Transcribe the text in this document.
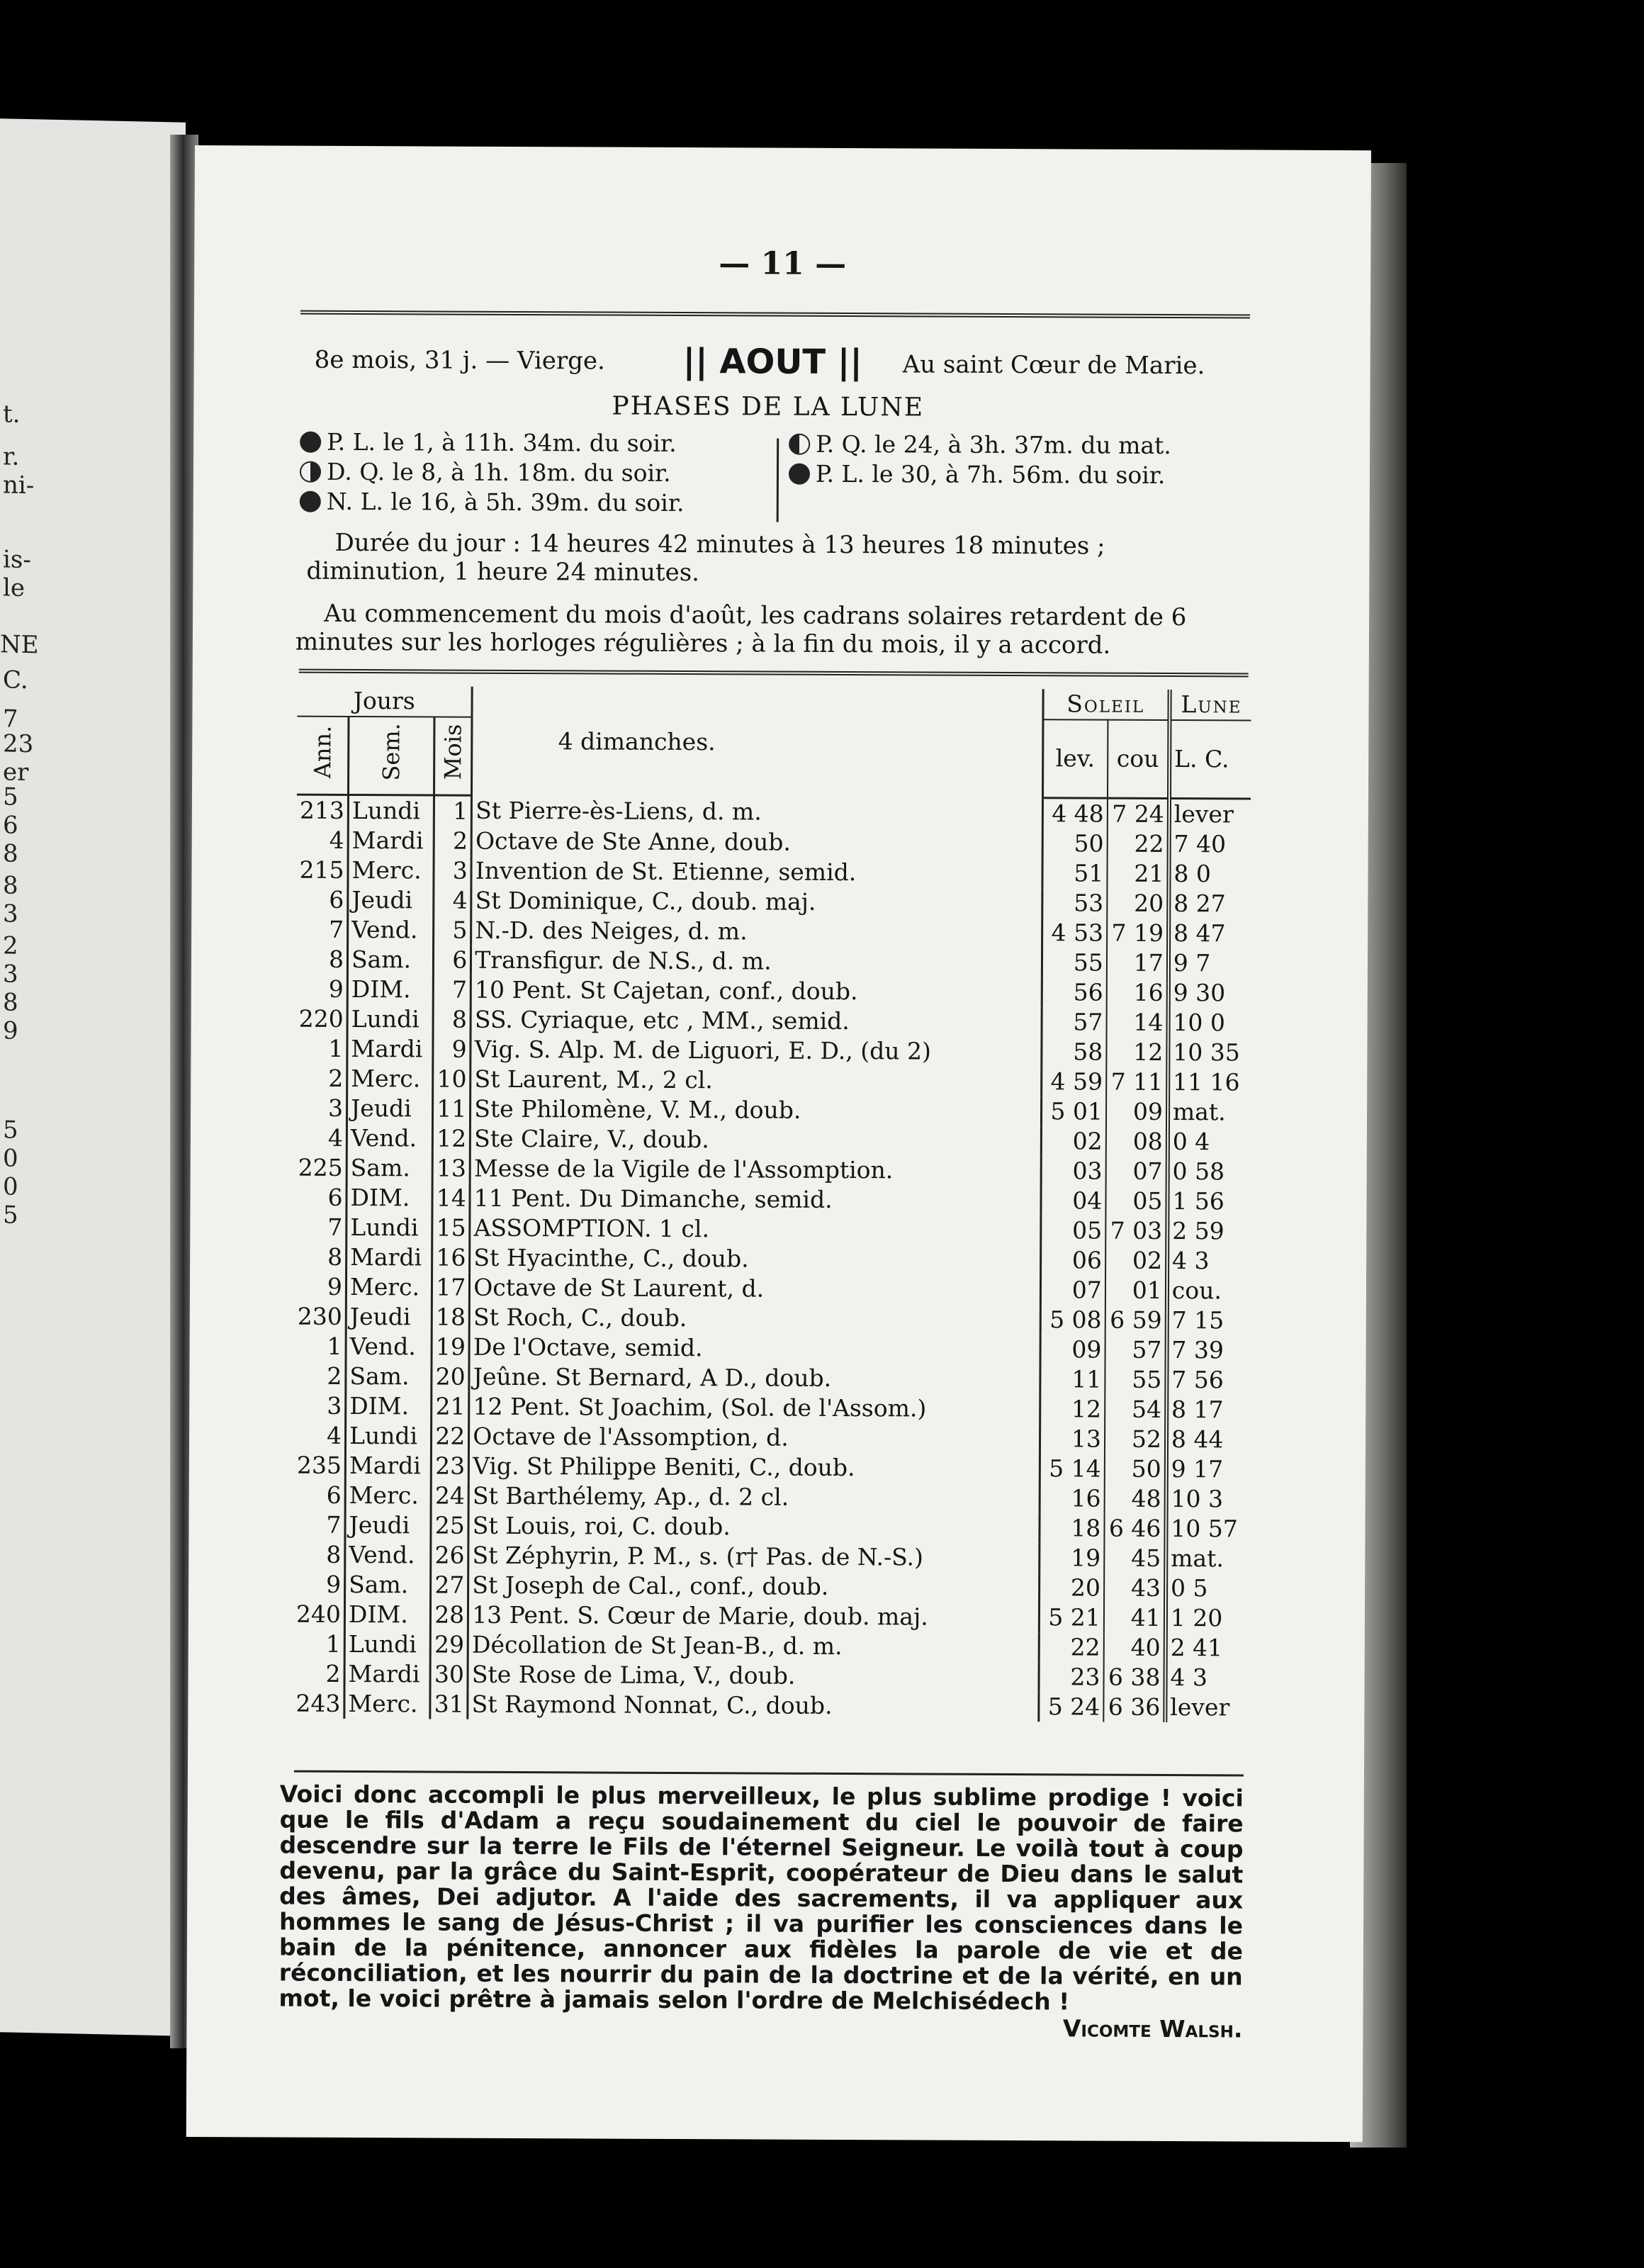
t.
r.
ni-
is-
le
NE
C.
7
23
er
5
6
8
8
3
2
3
8
9
5
0
0
5
— 11 —
8e mois, 31 j. — Vierge. || AOUT || Au saint Cœur de Marie.
PHASES DE LA LUNE
P. L. le 1, à 11h. 34m. du soir.
D. Q. le 8, à 1h. 18m. du soir.
N. L. le 16, à 5h. 39m. du soir.
P. Q. le 24, à 3h. 37m. du mat.
P. L. le 30, à 7h. 56m. du soir.
Durée du jour : 14 heures 42 minutes à 13 heures 18 minutes ; diminution, 1 heure 24 minutes.
Au commencement du mois d'août, les cadrans solaires retardent de 6 minutes sur les horloges régulières ; à la fin du mois, il y a accord.
Jours			4 dimanches.	Soleil		Lune
Ann.	Sem.	Mois		lev.	cou	L. C.
213	Lundi	1	St Pierre-ès-Liens, d. m.	4 48	7 24	lever
4	Mardi	2	Octave de Ste Anne, doub.	50	22	7 40
215	Merc.	3	Invention de St. Etienne, semid.	51	21	8 0
6	Jeudi	4	St Dominique, C., doub. maj.	53	20	8 27
7	Vend.	5	N.-D. des Neiges, d. m.	4 53	7 19	8 47
8	Sam.	6	Transfigur. de N.S., d. m.	55	17	9 7
9	DIM.	7	10 Pent. St Cajetan, conf., doub.	56	16	9 30
220	Lundi	8	SS. Cyriaque, etc , MM., semid.	57	14	10 0
1	Mardi	9	Vig. S. Alp. M. de Liguori, E. D., (du 2)	58	12	10 35
2	Merc.	10	St Laurent, M., 2 cl.	4 59	7 11	11 16
3	Jeudi	11	Ste Philomène, V. M., doub.	5 01	09	mat.
4	Vend.	12	Ste Claire, V., doub.	02	08	0 4
225	Sam.	13	Messe de la Vigile de l'Assomption.	03	07	0 58
6	DIM.	14	11 Pent. Du Dimanche, semid.	04	05	1 56
7	Lundi	15	ASSOMPTION. 1 cl.	05	7 03	2 59
8	Mardi	16	St Hyacinthe, C., doub.	06	02	4 3
9	Merc.	17	Octave de St Laurent, d.	07	01	cou.
230	Jeudi	18	St Roch, C., doub.	5 08	6 59	7 15
1	Vend.	19	De l'Octave, semid.	09	57	7 39
2	Sam.	20	Jeûne. St Bernard, A D., doub.	11	55	7 56
3	DIM.	21	12 Pent. St Joachim, (Sol. de l'Assom.)	12	54	8 17
4	Lundi	22	Octave de l'Assomption, d.	13	52	8 44
235	Mardi	23	Vig. St Philippe Beniti, C., doub.	5 14	50	9 17
6	Merc.	24	St Barthélemy, Ap., d. 2 cl.	16	48	10 3
7	Jeudi	25	St Louis, roi, C. doub.	18	6 46	10 57
8	Vend.	26	St Zéphyrin, P. M., s. (r† Pas. de N.-S.)	19	45	mat.
9	Sam.	27	St Joseph de Cal., conf., doub.	20	43	0 5
240	DIM.	28	13 Pent. S. Cœur de Marie, doub. maj.	5 21	41	1 20
1	Lundi	29	Décollation de St Jean-B., d. m.	22	40	2 41
2	Mardi	30	Ste Rose de Lima, V., doub.	23	6 38	4 3
243	Merc.	31	St Raymond Nonnat, C., doub.	5 24	6 36	lever
Voici donc accompli le plus merveilleux, le plus sublime prodige ! voici que le fils d'Adam a reçu soudainement du ciel le pouvoir de faire descendre sur la terre le Fils de l'éternel Seigneur. Le voilà tout à coup devenu, par la grâce du Saint-Esprit, coopérateur de Dieu dans le salut des âmes, Dei adjutor. A l'aide des sacrements, il va appliquer aux hommes le sang de Jésus-Christ ; il va purifier les consciences dans le bain de la pénitence, annoncer aux fidèles la parole de vie et de réconciliation, et les nourrir du pain de la doctrine et de la vérité, en un mot, le voici prêtre à jamais selon l'ordre de Melchisédech !
Vicomte Walsh.
